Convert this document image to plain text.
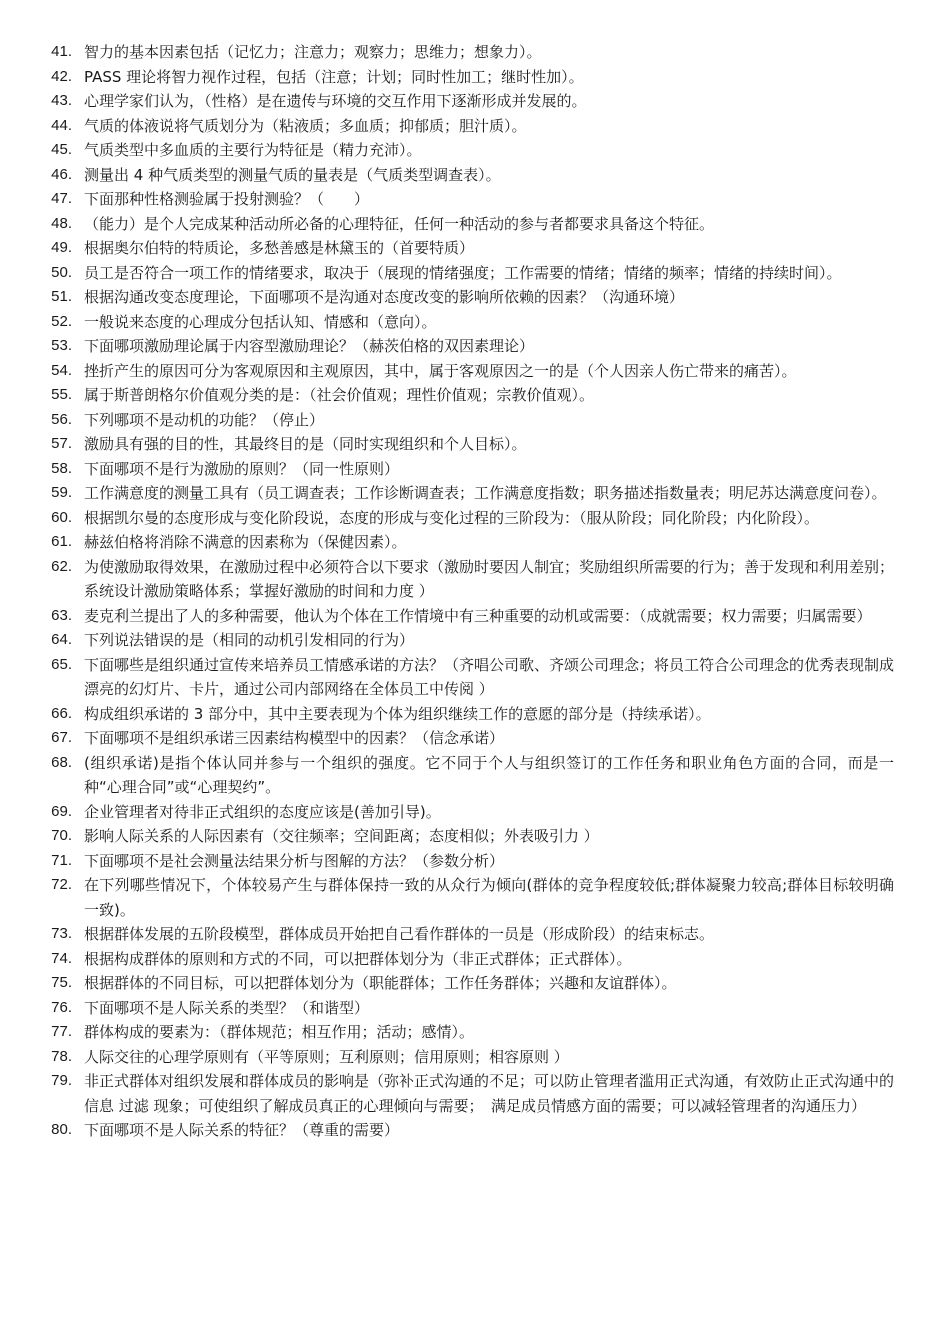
41. 智力的基本因素包括（记忆力；注意力；观察力；思维力；想象力）。
42. PASS 理论将智力视作过程，包括（注意；计划；同时性加工；继时性加）。
43. 心理学家们认为，（性格）是在遗传与环境的交互作用下逐渐形成并发展的。
44. 气质的体液说将气质划分为（粘液质；多血质；抑郁质；胆汁质）。
45. 气质类型中多血质的主要行为特征是（精力充沛）。
46. 测量出 4 种气质类型的测量气质的量表是（气质类型调查表）。
47. 下面那种性格测验属于投射测验？（　　）
48. （能力）是个人完成某种活动所必备的心理特征，任何一种活动的参与者都要求具备这个特征。
49. 根据奥尔伯特的特质论，多愁善感是林黛玉的（首要特质）
50. 员工是否符合一项工作的情绪要求，取决于（展现的情绪强度；工作需要的情绪；情绪的频率；情绪的持续时间）。
51. 根据沟通改变态度理论，下面哪项不是沟通对态度改变的影响所依赖的因素？（沟通环境）
52. 一般说来态度的心理成分包括认知、情感和（意向）。
53. 下面哪项激励理论属于内容型激励理论？（赫茨伯格的双因素理论）
54. 挫折产生的原因可分为客观原因和主观原因，其中，属于客观原因之一的是（个人因亲人伤亡带来的痛苦）。
55. 属于斯普朗格尔价值观分类的是：（社会价值观；理性价值观；宗教价值观）。
56. 下列哪项不是动机的功能？（停止）
57. 激励具有强的目的性，其最终目的是（同时实现组织和个人目标）。
58. 下面哪项不是行为激励的原则？（同一性原则）
59. 工作满意度的测量工具有（员工调查表；工作诊断调查表；工作满意度指数；职务描述指数量表；明尼苏达满意度问卷）。
60. 根据凯尔曼的态度形成与变化阶段说，态度的形成与变化过程的三阶段为：（服从阶段；同化阶段；内化阶段）。
61. 赫兹伯格将消除不满意的因素称为（保健因素）。
62. 为使激励取得效果，在激励过程中必须符合以下要求（激励时要因人制宜；奖励组织所需要的行为；善于发现和利用差别；系统设计激励策略体系；掌握好激励的时间和力度 ）
63. 麦克利兰提出了人的多种需要，他认为个体在工作情境中有三种重要的动机或需要：（成就需要；权力需要；归属需要）
64. 下列说法错误的是（相同的动机引发相同的行为）
65. 下面哪些是组织通过宣传来培养员工情感承诺的方法？（齐唱公司歌、齐颂公司理念；将员工符合公司理念的优秀表现制成漂亮的幻灯片、卡片，通过公司内部网络在全体员工中传阅 ）
66. 构成组织承诺的 3 部分中，其中主要表现为个体为组织继续工作的意愿的部分是（持续承诺）。
67. 下面哪项不是组织承诺三因素结构模型中的因素？（信念承诺）
68. (组织承诺)是指个体认同并参与一个组织的强度。它不同于个人与组织签订的工作任务和职业角色方面的合同，而是一种“心理合同”或“心理契约”。
69. 企业管理者对待非正式组织的态度应该是(善加引导)。
70. 影响人际关系的人际因素有（交往频率；空间距离；态度相似；外表吸引力 ）
71. 下面哪项不是社会测量法结果分析与图解的方法？（参数分析）
72. 在下列哪些情况下，个体较易产生与群体保持一致的从众行为倾向(群体的竞争程度较低;群体凝聚力较高;群体目标较明确一致)。
73. 根据群体发展的五阶段模型，群体成员开始把自己看作群体的一员是（形成阶段）的结束标志。
74. 根据构成群体的原则和方式的不同，可以把群体划分为（非正式群体；正式群体）。
75. 根据群体的不同目标，可以把群体划分为（职能群体；工作任务群体；兴趣和友谊群体）。
76. 下面哪项不是人际关系的类型？（和谐型）
77. 群体构成的要素为：（群体规范；相互作用；活动；感情）。
78. 人际交往的心理学原则有（平等原则；互利原则；信用原则；相容原则 ）
79. 非正式群体对组织发展和群体成员的影响是（弥补正式沟通的不足；可以防止管理者滥用正式沟通，有效防止正式沟通中的信息 过滤 现象；可使组织了解成员真正的心理倾向与需要；　满足成员情感方面的需要；可以减轻管理者的沟通压力）
80. 下面哪项不是人际关系的特征？（尊重的需要）
